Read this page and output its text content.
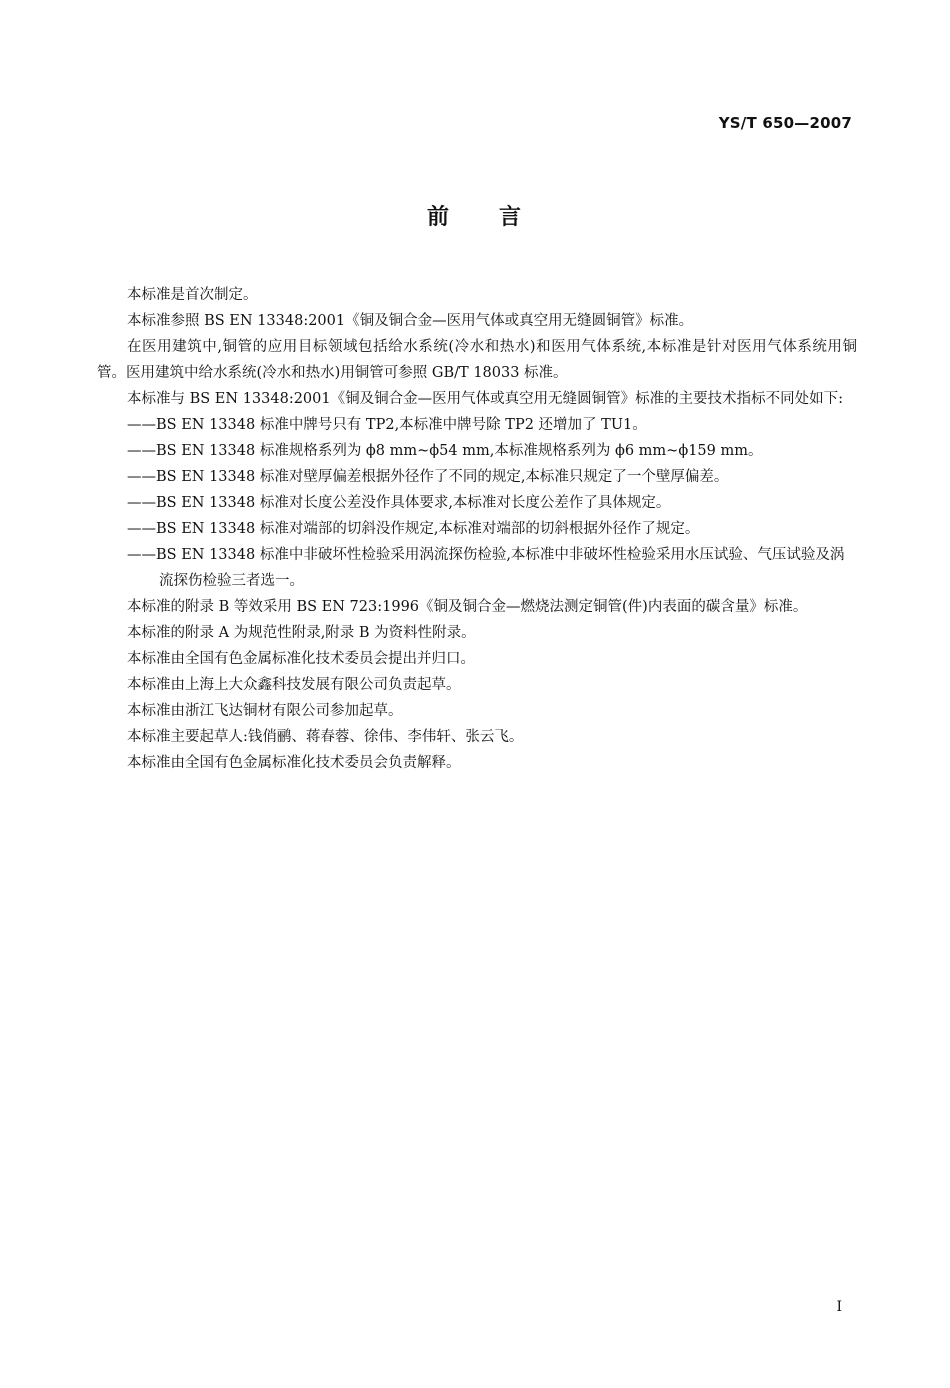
YS/T 650—2007
前 言

本标准是首次制定。

本标准参照 BS EN 13348:2001《铜及铜合金—医用气体或真空用无缝圆铜管》标准。

在医用建筑中,铜管的应用目标领域包括给水系统(冷水和热水)和医用气体系统,本标准是针对医用气体系统用铜管。医用建筑中给水系统(冷水和热水)用铜管可参照 GB/T 18033 标准。

本标准与 BS EN 13348:2001《铜及铜合金—医用气体或真空用无缝圆铜管》标准的主要技术指标不同处如下:

——BS EN 13348 标准中牌号只有 TP2,本标准中牌号除 TP2 还增加了 TU1。

——BS EN 13348 标准规格系列为 ϕ8 mm~ϕ54 mm,本标准规格系列为 ϕ6 mm~ϕ159 mm。

——BS EN 13348 标准对壁厚偏差根据外径作了不同的规定,本标准只规定了一个壁厚偏差。

——BS EN 13348 标准对长度公差没作具体要求,本标准对长度公差作了具体规定。

——BS EN 13348 标准对端部的切斜没作规定,本标准对端部的切斜根据外径作了规定。

——BS EN 13348 标准中非破坏性检验采用涡流探伤检验,本标准中非破坏性检验采用水压试验、气压试验及涡流探伤检验三者选一。

本标准的附录 B 等效采用 BS EN 723:1996《铜及铜合金—燃烧法测定铜管(件)内表面的碳含量》标准。

本标准的附录 A 为规范性附录,附录 B 为资料性附录。

本标准由全国有色金属标准化技术委员会提出并归口。

本标准由上海上大众鑫科技发展有限公司负责起草。

本标准由浙江飞达铜材有限公司参加起草。

本标准主要起草人:钱俏鹂、蒋春蓉、徐伟、李伟轩、张云飞。

本标准由全国有色金属标准化技术委员会负责解释。

I
